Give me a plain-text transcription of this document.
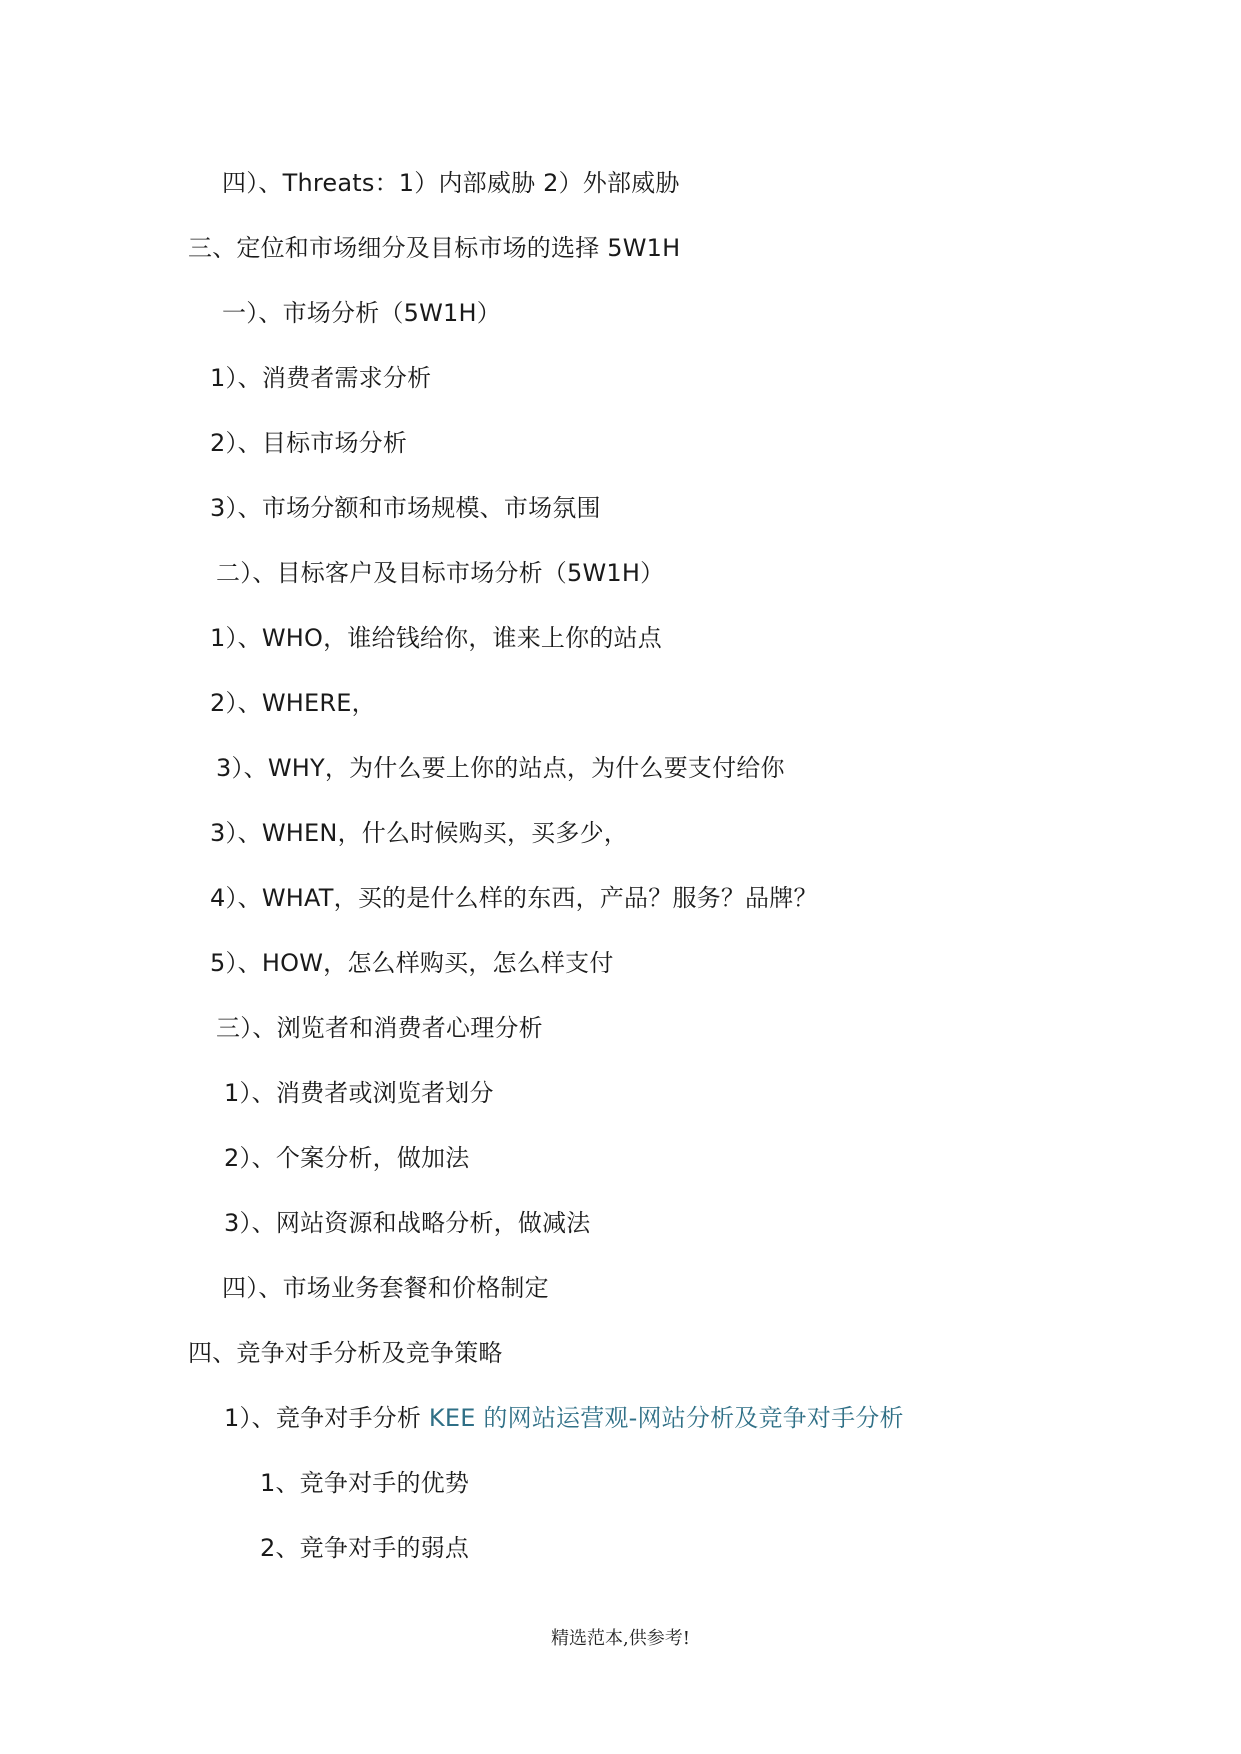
四）、Threats：1）内部威胁 2）外部威胁
三、定位和市场细分及目标市场的选择 5W1H
一）、市场分析（5W1H）
1）、消费者需求分析
2）、目标市场分析
3）、市场分额和市场规模、市场氛围
二）、目标客户及目标市场分析（5W1H）
1）、WHO，谁给钱给你，谁来上你的站点
2）、WHERE，
3）、WHY，为什么要上你的站点，为什么要支付给你
3）、WHEN，什么时候购买，买多少，
4）、WHAT，买的是什么样的东西，产品？服务？品牌？
5）、HOW，怎么样购买，怎么样支付
三）、浏览者和消费者心理分析
1）、消费者或浏览者划分
2）、个案分析，做加法
3）、网站资源和战略分析，做减法
四）、市场业务套餐和价格制定
四、竞争对手分析及竞争策略
1）、竞争对手分析 KEE 的网站运营观-网站分析及竞争对手分析
1、竞争对手的优势
2、竞争对手的弱点
精选范本,供参考!
